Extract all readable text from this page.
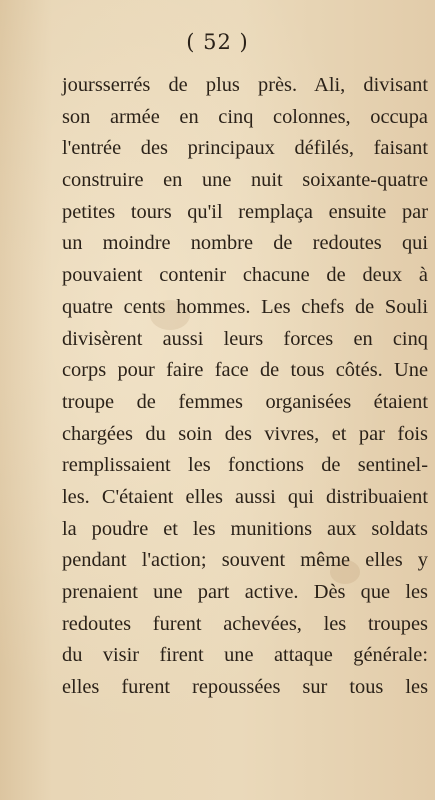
( 52 )
joursserrés de plus près. Ali, divisant
son armée en cinq colonnes, occupa
l'entrée des principaux défilés, faisant
construire en une nuit soixante-quatre
petites tours qu'il remplaça ensuite par
un moindre nombre de redoutes qui
pouvaient contenir chacune de deux à
quatre cents hommes. Les chefs de Souli
divisèrent aussi leurs forces en cinq
corps pour faire face de tous côtés. Une
troupe de femmes organisées étaient
chargées du soin des vivres, et par fois
remplissaient les fonctions de sentinel-
les. C'étaient elles aussi qui distribuaient
la poudre et les munitions aux soldats
pendant l'action; souvent même elles y
prenaient une part active. Dès que les
redoutes furent achevées, les troupes
du visir firent une attaque générale:
elles furent repoussées sur tous les
